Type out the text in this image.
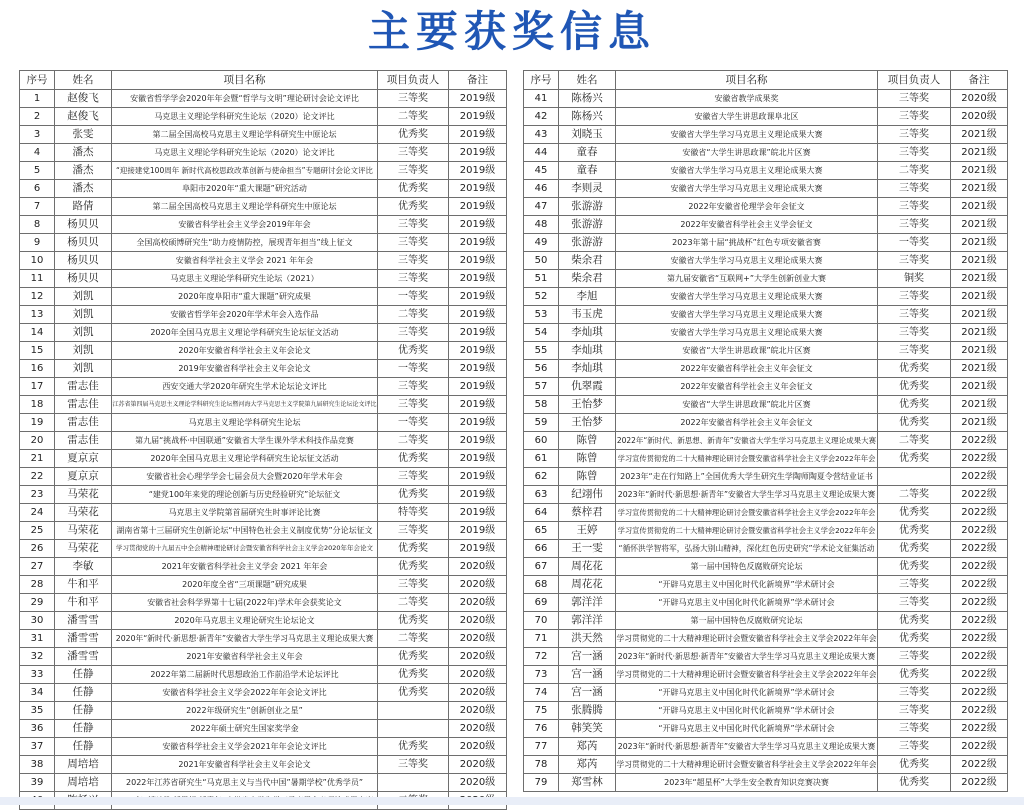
主要获奖信息
序号	姓名	项目名称	项目负责人	备注
1	赵俊飞	安徽省哲学学会2020年年会暨“哲学与文明”理论研讨会论文评比	三等奖	2019级
2	赵俊飞	马克思主义理论学科研究生论坛（2020）论文评比	二等奖	2019级
3	张雯	第二届全国高校马克思主义理论学科研究生中原论坛	优秀奖	2019级
4	潘杰	马克思主义理论学科研究生论坛（2020）论文评比	三等奖	2019级
5	潘杰	“迎接建党100周年 新时代高校思政改革创新与使命担当”专题研讨会论文评比	三等奖	2019级
6	潘杰	阜阳市2020年“重大课题”研究活动	优秀奖	2019级
7	路倩	第二届全国高校马克思主义理论学科研究生中原论坛	优秀奖	2019级
8	杨贝贝	安徽省科学社会主义学会2019年年会	三等奖	2019级
9	杨贝贝	全国高校硕博研究生“助力疫情防控，展现青年担当”线上征文	三等奖	2019级
10	杨贝贝	安徽省科学社会主义学会 2021 年年会	三等奖	2019级
11	杨贝贝	马克思主义理论学科研究生论坛（2021）	三等奖	2019级
12	刘凯	2020年度阜阳市“重大课题”研究成果	一等奖	2019级
13	刘凯	安徽省哲学年会2020年学术年会入选作品	二等奖	2019级
14	刘凯	2020年全国马克思主义理论学科研究生论坛征文活动	三等奖	2019级
15	刘凯	2020年安徽省科学社会主义年会论文	优秀奖	2019级
16	刘凯	2019年安徽省科学社会主义年会论文	一等奖	2019级
17	雷志佳	西安交通大学2020年研究生学术论坛论文评比	三等奖	2019级
18	雷志佳	江苏省第四届马克思主义理论学科研究生论坛暨河海大学马克思主义学院第九届研究生论坛论文评比	三等奖	2019级
19	雷志佳	马克思主义理论学科研究生论坛	一等奖	2019级
20	雷志佳	第九届“挑战杯·中国联通”安徽省大学生课外学术科技作品竞赛	二等奖	2019级
21	夏京京	2020年全国马克思主义理论学科研究生论坛征文活动	优秀奖	2019级
22	夏京京	安徽省社会心理学学会七届会员大会暨2020年学术年会	三等奖	2019级
23	马荣花	“建党100年来党的理论创新与历史经验研究”论坛征文	优秀奖	2019级
24	马荣花	马克思主义学院第首届研究生时事评论比赛	特等奖	2019级
25	马荣花	湖南省第十三届研究生创新论坛“中国特色社会主义制度优势”分论坛征文	三等奖	2019级
26	马荣花	学习贯彻党的十九届五中全会精神理论研讨会暨安徽省科学社会主义学会2020年年会论文	优秀奖	2019级
27	李敏	2021年安徽省科学社会主义学会 2021 年年会	优秀奖	2020级
28	牛和平	2020年度全省“三项课题”研究成果	三等奖	2020级
29	牛和平	安徽省社会科学界第十七届(2022年)学术年会获奖论文	二等奖	2020级
30	潘雪雪	2020年马克思主义理论研究生论坛论文	优秀奖	2020级
31	潘雪雪	2020年“新时代·新思想·新青年”安徽省大学生学习马克思主义理论成果大赛	二等奖	2020级
32	潘雪雪	2021年安徽省科学社会主义年会	优秀奖	2020级
33	任静	2022年第二届新时代思想政治工作前沿学术论坛评比	优秀奖	2020级
34	任静	安徽省科学社会主义学会2022年年会论文评比	优秀奖	2020级
35	任静	2022年级研究生“创新创业之星”		2020级
36	任静	2022年硕士研究生国家奖学金		2020级
37	任静	安徽省科学社会主义学会2021年年会论文评比	优秀奖	2020级
38	周培培	2021年安徽省科学社会主义年会论文	三等奖	2020级
39	周培培	2022年江苏省研究生“马克思主义与当代中国”暑期学校”优秀学员”		2020级

序号	姓名	项目名称	项目负责人	备注
41	陈杨兴	安徽省教学成果奖	三等奖	2020级
42	陈杨兴	安徽省大学生讲思政课阜北区	三等奖	2020级
43	刘晓玉	安徽省大学生学习马克思主义理论成果大赛	三等奖	2021级
44	童春	安徽省“大学生讲思政课”皖北片区赛	三等奖	2021级
45	童春	安徽省大学生学习马克思主义理论成果大赛	二等奖	2021级
46	李则灵	安徽省大学生学习马克思主义理论成果大赛	三等奖	2021级
47	张游游	2022年安徽省伦理学会年会征文	三等奖	2021级
48	张游游	2022年安徽省科学社会主义学会征文	三等奖	2021级
49	张游游	2023年第十届“挑战杯”红色专项安徽省赛	一等奖	2021级
50	柴余君	安徽省大学生学习马克思主义理论成果大赛	三等奖	2021级
51	柴余君	第九届安徽省“互联网+”大学生创新创业大赛	铜奖	2021级
52	李旭	安徽省大学生学习马克思主义理论成果大赛	三等奖	2021级
53	韦玉虎	安徽省大学生学习马克思主义理论成果大赛	三等奖	2021级
54	李灿琪	安徽省大学生学习马克思主义理论成果大赛	三等奖	2021级
55	李灿琪	安徽省“大学生讲思政课”皖北片区赛	三等奖	2021级
56	李灿琪	2022年安徽省科学社会主义年会征文	优秀奖	2021级
57	仇翠霞	2022年安徽省科学社会主义年会征文	优秀奖	2021级
58	王怡梦	安徽省“大学生讲思政课”皖北片区赛	优秀奖	2021级
59	王怡梦	2022年安徽省科学社会主义年会征文	优秀奖	2021级
60	陈曾	2022年“新时代、新思想、新青年”安徽省大学生学习马克思主义理论成果大赛	二等奖	2022级
61	陈曾	学习宣传贯彻党的二十大精神理论研讨会暨安徽省科学社会主义学会2022年年会	优秀奖	2022级
62	陈曾	2023年“走在行知路上”全国优秀大学生研究生学陶师陶夏令营结业证书		2022级
63	纪翊伟	2023年“新时代·新思想·新青年”安徽省大学生学习马克思主义理论成果大赛	二等奖	2022级
64	蔡梓君	学习宣传贯彻党的二十大精神理论研讨会暨安徽省科学社会主义学会2022年年会	优秀奖	2022级
65	王婷	学习宣传贯彻党的二十大精神理论研讨会暨安徽省科学社会主义学会2022年年会	优秀奖	2022级
66	王一雯	“循怀洪学智将军，弘扬大别山精神，深化红色历史研究”学术论文征集活动	优秀奖	2022级
67	周花花	第一届中国特色反腐败研究论坛	优秀奖	2022级
68	周花花	“开辟马克思主义中国化时代化新境界”学术研讨会	三等奖	2022级
69	郭洋洋	“开辟马克思主义中国化时代化新境界”学术研讨会	三等奖	2022级
70	郭洋洋	第一届中国特色反腐败研究论坛	优秀奖	2022级
71	洪天然	学习贯彻党的二十大精神理论研讨会暨安徽省科学社会主义学会2022年年会	优秀奖	2022级
72	宫一涵	2023年“新时代·新思想·新青年”安徽省大学生学习马克思主义理论成果大赛	三等奖	2022级
73	宫一涵	学习贯彻党的二十大精神理论研讨会暨安徽省科学社会主义学会2022年年会	优秀奖	2022级
74	宫一涵	“开辟马克思主义中国化时代化新境界”学术研讨会	三等奖	2022级
75	张腾腾	“开辟马克思主义中国化时代化新境界”学术研讨会	三等奖	2022级
76	韩笑笑	“开辟马克思主义中国化时代化新境界”学术研讨会	三等奖	2022级
77	郑芮	2023年“新时代·新思想·新青年”安徽省大学生学习马克思主义理论成果大赛	三等奖	2022级
78	郑芮	学习贯彻党的二十大精神理论研讨会暨安徽省科学社会主义学会2022年年会	优秀奖	2022级
79	郑雪林	2023年“超星杯”大学生安全教育知识竞赛决赛	优秀奖	2022级
